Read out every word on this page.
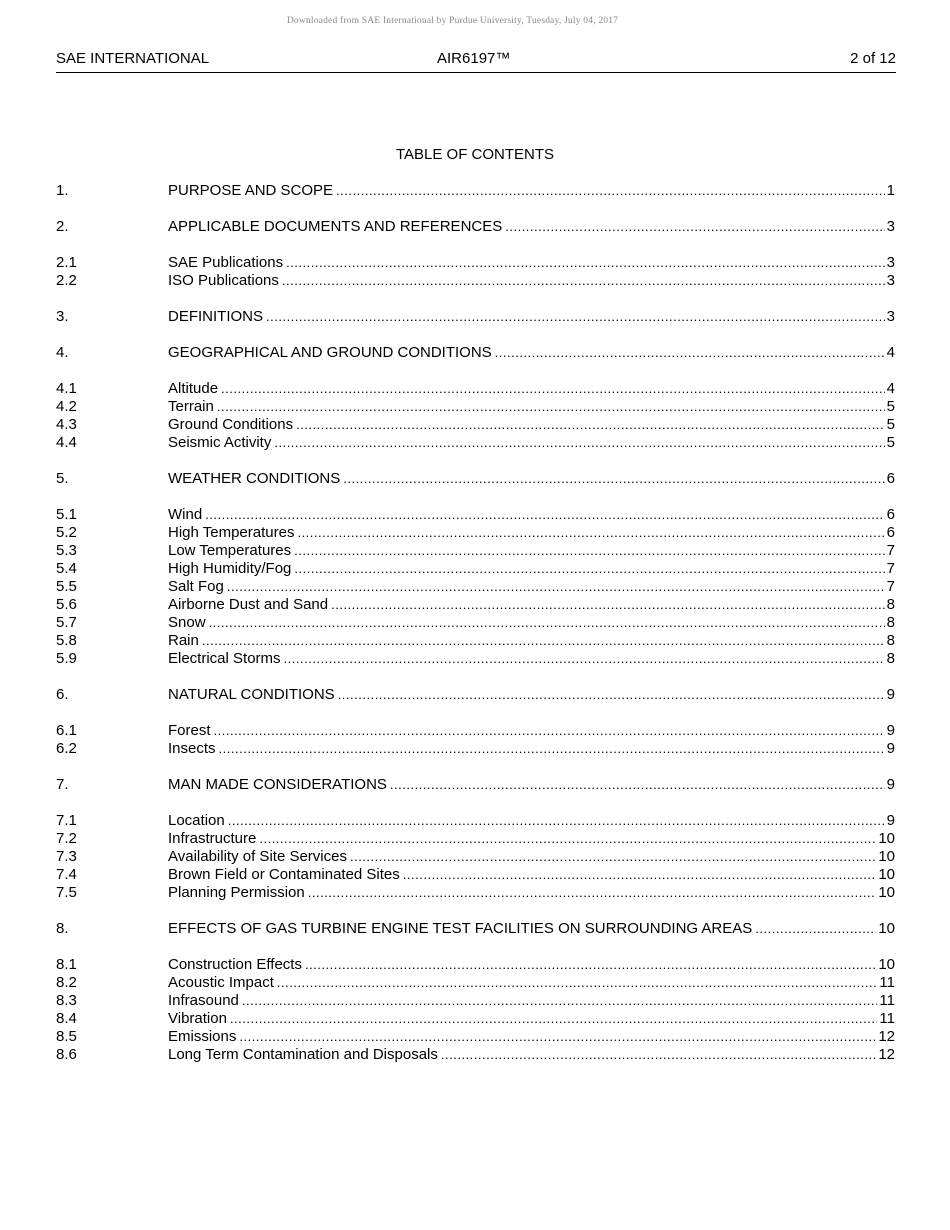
Downloaded from SAE International by Purdue University, Tuesday, July 04, 2017
SAE INTERNATIONAL	AIR6197™	2 of 12
TABLE OF CONTENTS
1.	PURPOSE AND SCOPE .....	1
2.	APPLICABLE DOCUMENTS AND REFERENCES .....	3
2.1	SAE Publications .....	3
2.2	ISO Publications .....	3
3.	DEFINITIONS .....	3
4.	GEOGRAPHICAL AND GROUND CONDITIONS .....	4
4.1	Altitude .....	4
4.2	Terrain .....	5
4.3	Ground Conditions .....	5
4.4	Seismic Activity .....	5
5.	WEATHER CONDITIONS .....	6
5.1	Wind .....	6
5.2	High Temperatures .....	6
5.3	Low Temperatures .....	7
5.4	High Humidity/Fog .....	7
5.5	Salt Fog .....	7
5.6	Airborne Dust and Sand .....	8
5.7	Snow .....	8
5.8	Rain .....	8
5.9	Electrical Storms .....	8
6.	NATURAL CONDITIONS .....	9
6.1	Forest .....	9
6.2	Insects .....	9
7.	MAN MADE CONSIDERATIONS .....	9
7.1	Location .....	9
7.2	Infrastructure .....	10
7.3	Availability of Site Services .....	10
7.4	Brown Field or Contaminated Sites .....	10
7.5	Planning Permission .....	10
8.	EFFECTS OF GAS TURBINE ENGINE TEST FACILITIES ON SURROUNDING AREAS .....	10
8.1	Construction Effects .....	10
8.2	Acoustic Impact .....	11
8.3	Infrasound .....	11
8.4	Vibration .....	11
8.5	Emissions .....	12
8.6	Long Term Contamination and Disposals .....	12
